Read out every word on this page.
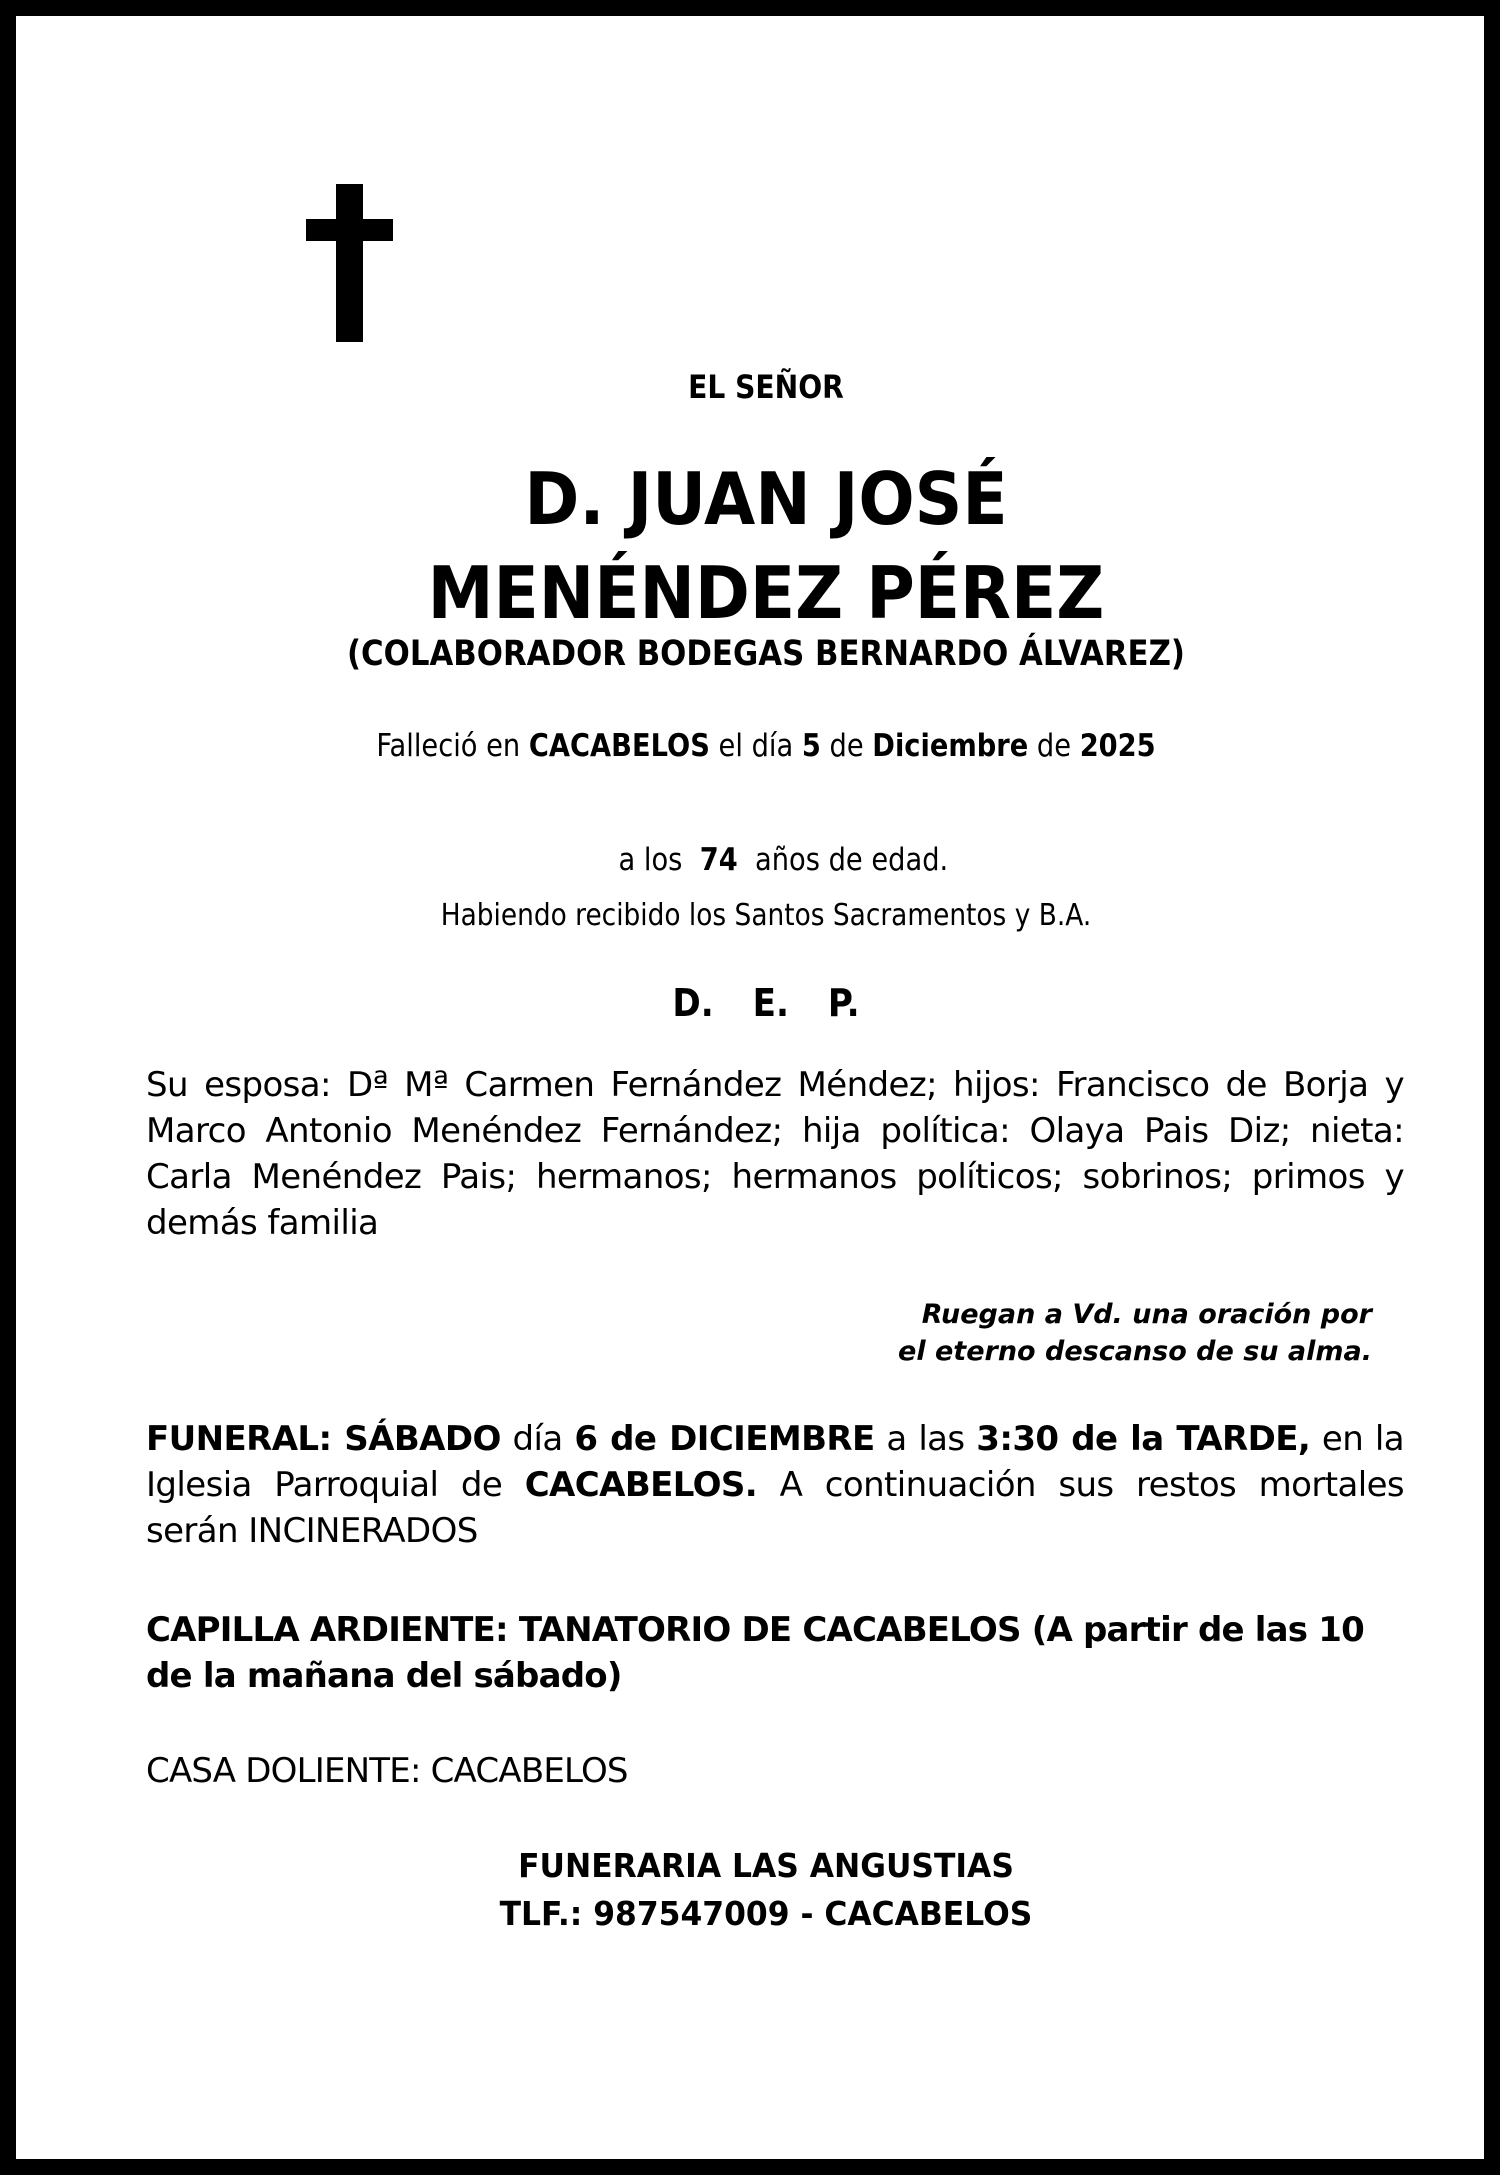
EL SEÑOR
D. JUAN JOSÉ
MENÉNDEZ PÉREZ
(COLABORADOR BODEGAS BERNARDO ÁLVAREZ)
Falleció en CACABELOS el día 5 de Diciembre de 2025

a los  74  años de edad.

Habiendo recibido los Santos Sacramentos y B.A.
D. E. P.
Su esposa: Dª Mª Carmen Fernández Méndez; hijos: Francisco de Borja y Marco Antonio Menéndez Fernández; hija política: Olaya Pais Diz; nieta: Carla Menéndez Pais; hermanos; hermanos políticos; sobrinos; primos y demás familia
Ruegan a Vd. una oración por
el eterno descanso de su alma.
FUNERAL: SÁBADO día 6 de DICIEMBRE a las 3:30 de la TARDE, en la Iglesia Parroquial de CACABELOS. A continuación sus restos mortales serán INCINERADOS
CAPILLA ARDIENTE: TANATORIO DE CACABELOS (A partir de las 10 de la mañana del sábado)
CASA DOLIENTE: CACABELOS
FUNERARIA LAS ANGUSTIAS
TLF.: 987547009 - CACABELOS
